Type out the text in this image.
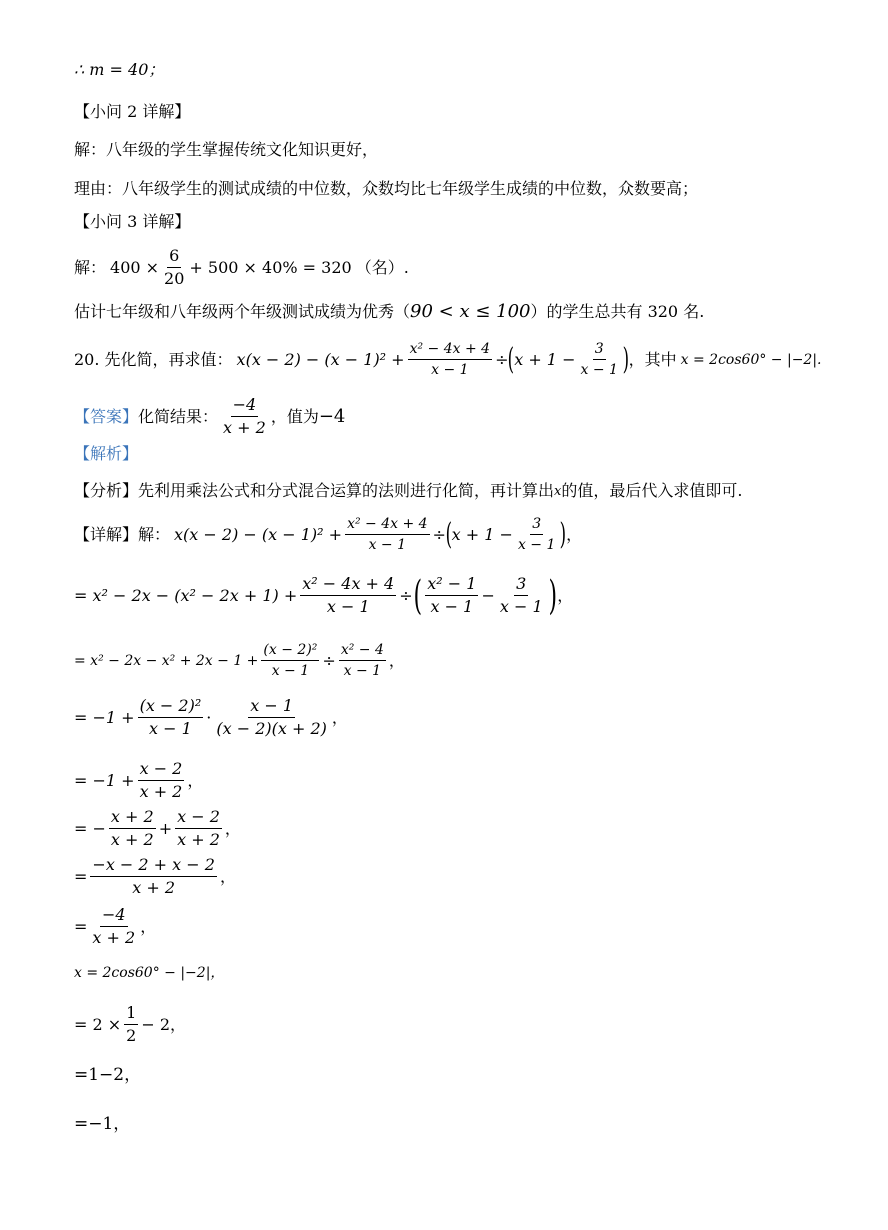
∴ m = 40；
【小问 2 详解】
解：八年级的学生掌握传统文化知识更好，
理由：八年级学生的测试成绩的中位数，众数均比七年级学生成绩的中位数，众数要高；
【小问 3 详解】
解： $400 \times \frac{6}{20} + 500 \times 40\% = 320$ （名）.
估计七年级和八年级两个年级测试成绩为优秀（ 90 < x ≤ 100 ）的学生总共有 320 名.
20. 先化简，再求值： $x(x - 2) - (x - 1)^2 + \frac{\text{x² − 4x + 4}}{x - 1}$ ÷ ( $x + 1 - \frac{3}{x - 1}$ ) ，其中 x = 2cos60° − |−2|.
【答案】 化简结果： $\frac{-4}{x + 2}$ ，值为 −4
【解析】
【分析】先利用乘法公式和分式混合运算的法则进行化简，再计算出 x 的值，最后代入求值即可.
【详解】解： $x(x - 2) - (x - 1)^2 + \frac{\text{x² − 4x + 4}}{x - 1}$ ÷ ( $x + 1 - \frac{3}{x - 1}$ ) ，
= $x^2 - 2x - (x^2 - 2x + 1) + \frac{\text{x² − 4x + 4}}{x - 1}$ ÷ ( $\frac{\text{x² − 1}}{x - 1} - \frac{3}{x - 1}$ ) ，
= $x^2 - 2x - x^2 + 2x - 1 + \frac{\text{(x − 2)²}}{x - 1} \div \frac{\text{x² − 4}}{x - 1}$ ，
= $-1 + \frac{\text{(x − 2)²}}{x - 1} \cdot \frac{x - 1}{(x - 2)(x + 2)}$ ，
= $-1 + \frac{x - 2}{x + 2}$ ，
= − $\frac{x + 2}{x + 2} + \frac{x - 2}{x + 2}$ ，
= $\frac{-x - 2 + x - 2}{x + 2}$ ，
= $\frac{-4}{x + 2}$ ，
x = 2cos60° − |−2|，
= $2 \times \frac{1}{2} - 2$，
=1−2，
=−1，
